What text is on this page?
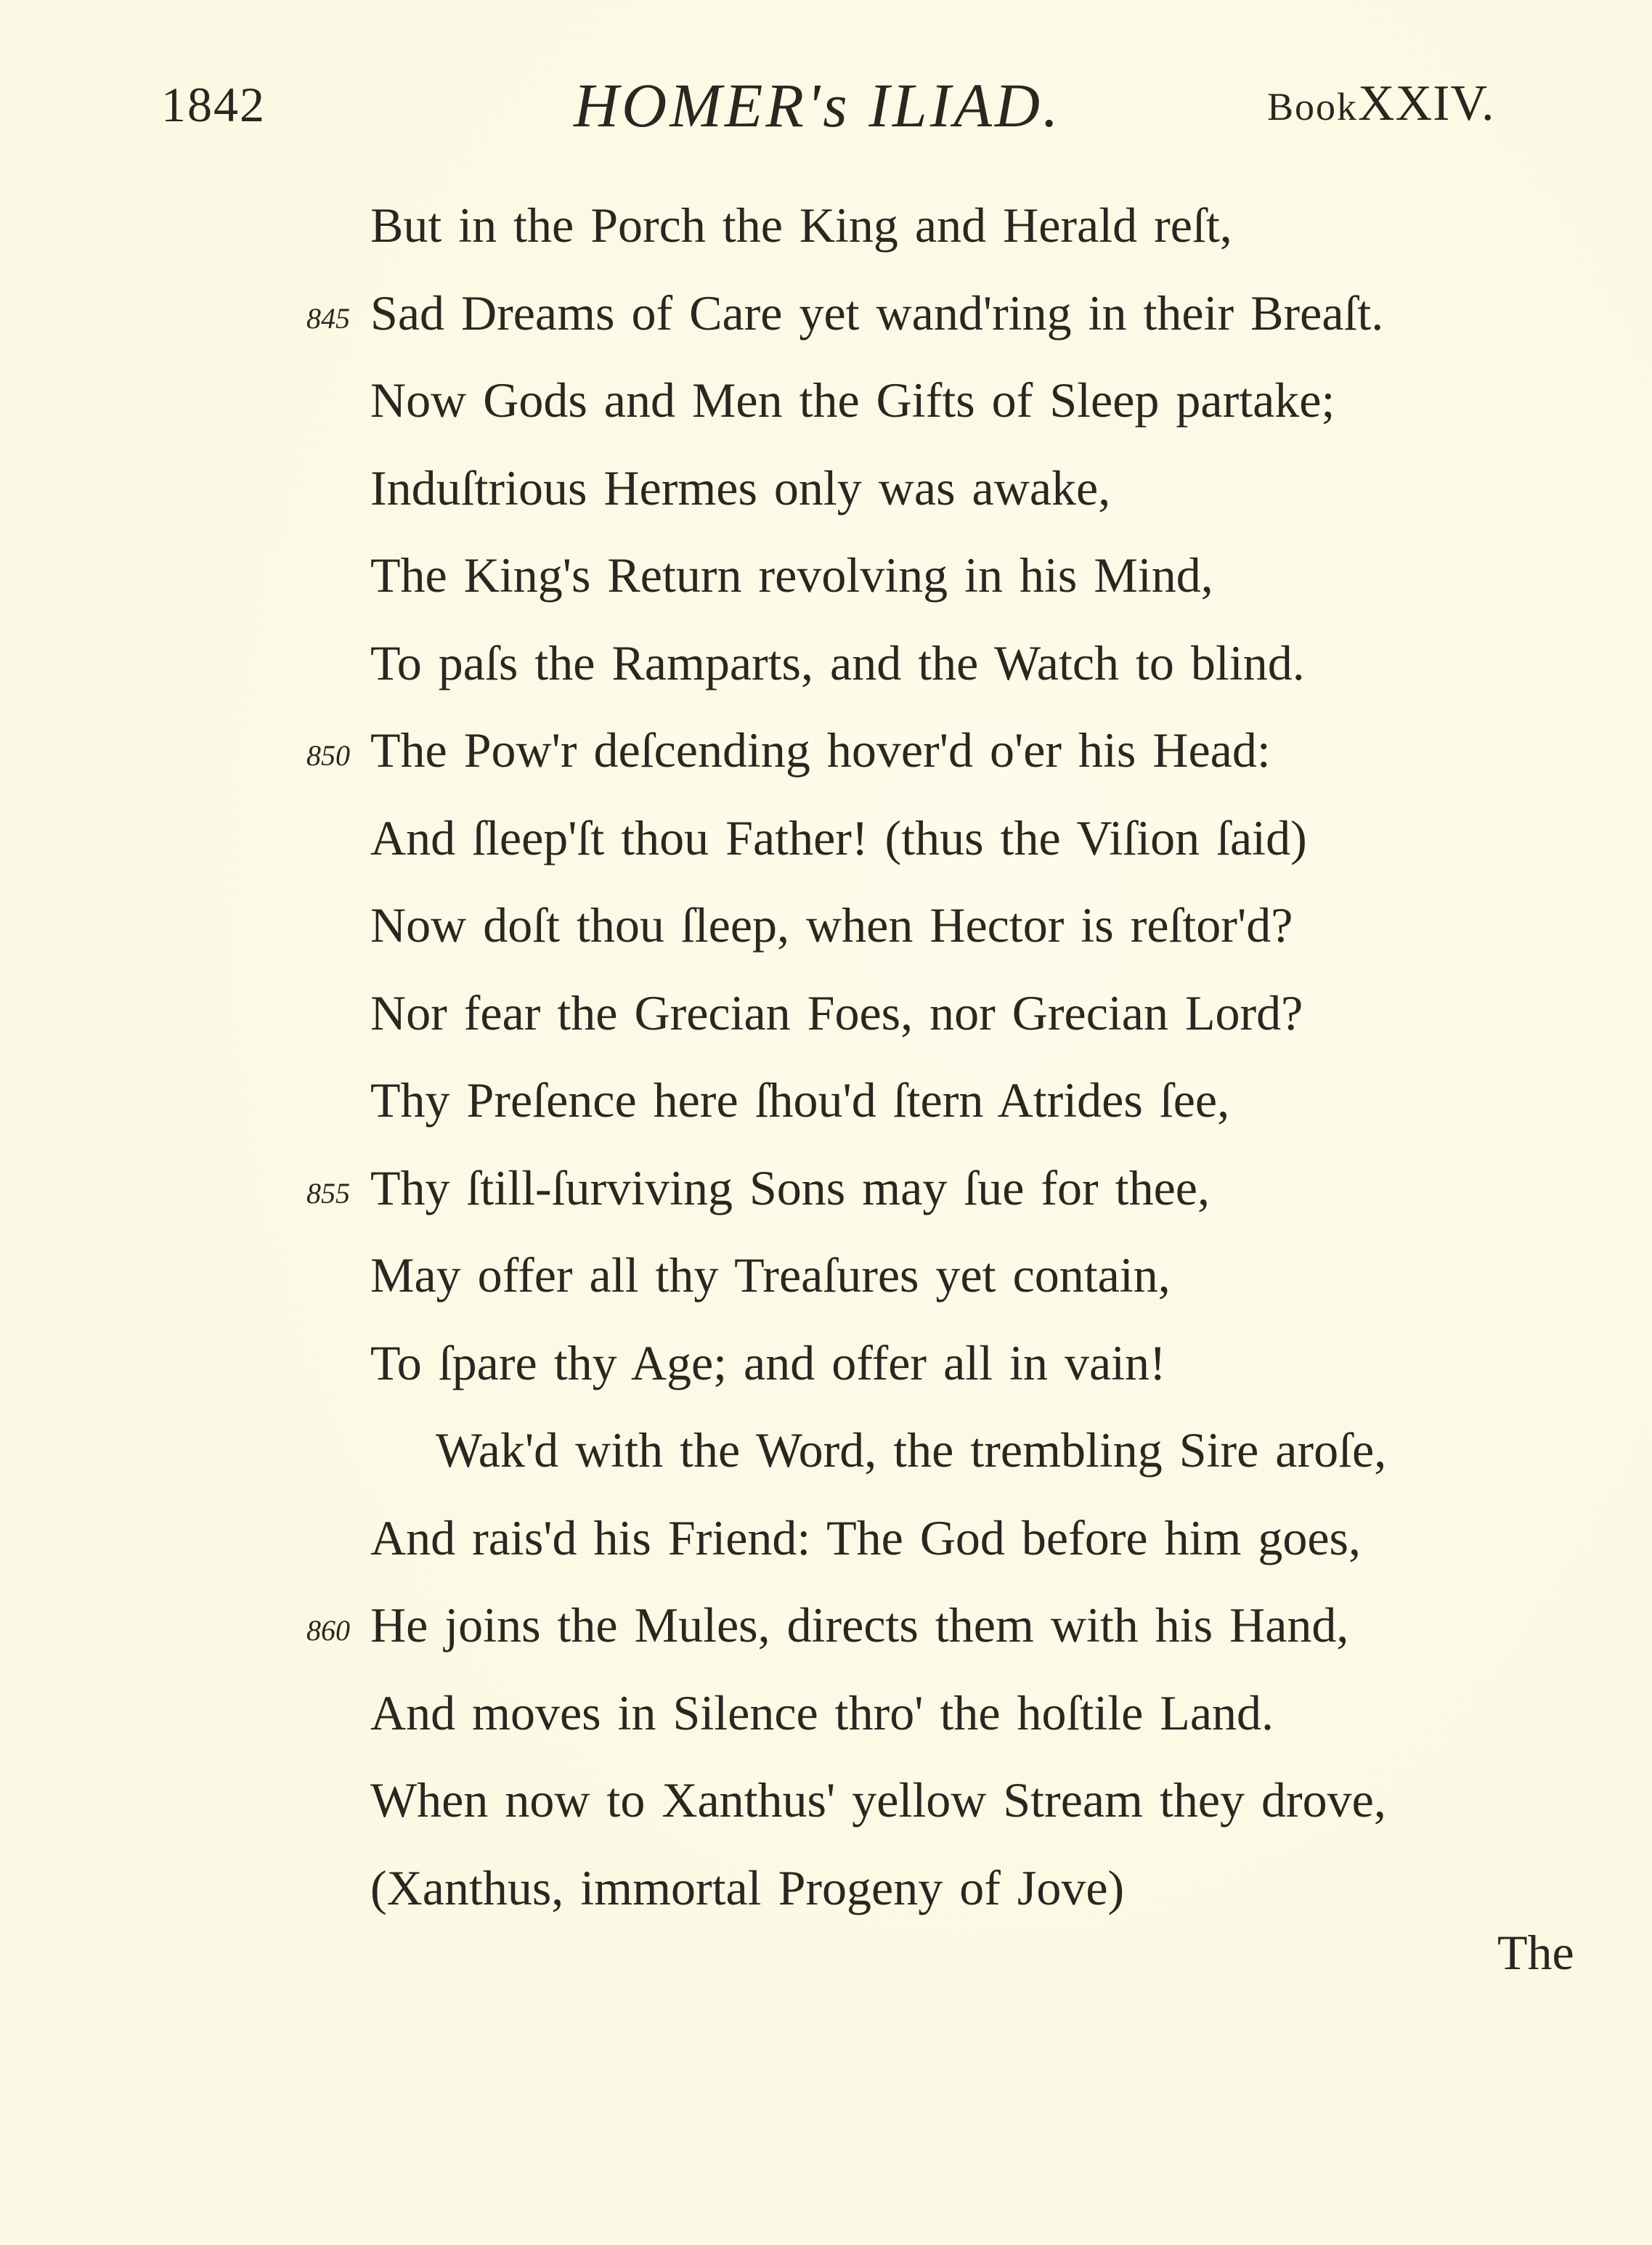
1842	HOMER's ILIAD.	BookXXIV.
But in the Porch the King and Herald reſt,
845 Sad Dreams of Care yet wand'ring in their Breaſt.
Now Gods and Men the Gifts of Sleep partake;
Induſtrious Hermes only was awake,
The King's Return revolving in his Mind,
To paſs the Ramparts, and the Watch to blind.
850 The Pow'r deſcending hover'd o'er his Head:
And ſleep'ſt thou Father! (thus the Viſion ſaid)
Now doſt thou ſleep, when Hector is reſtor'd?
Nor fear the Grecian Foes, nor Grecian Lord?
Thy Preſence here ſhou'd ſtern Atrides ſee,
855 Thy ſtill-ſurviving Sons may ſue for thee,
May offer all thy Treaſures yet contain,
To ſpare thy Age; and offer all in vain!
Wak'd with the Word, the trembling Sire aroſe,
And rais'd his Friend: The God before him goes,
860 He joins the Mules, directs them with his Hand,
And moves in Silence thro' the hoſtile Land.
When now to Xanthus' yellow Stream they drove,
(Xanthus, immortal Progeny of Jove)
The
